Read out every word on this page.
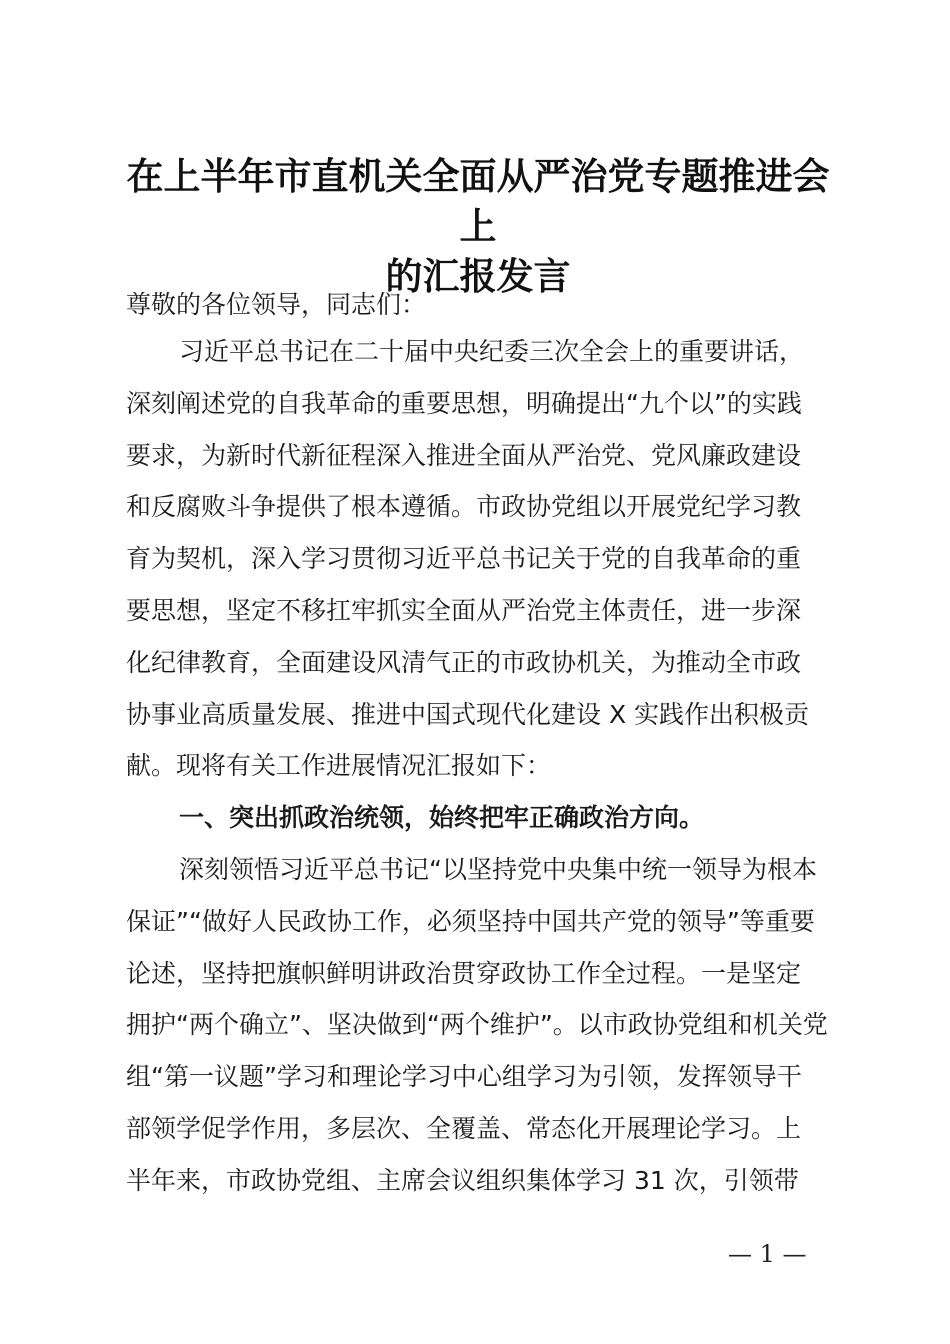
在上半年市直机关全面从严治党专题推进会上
的汇报发言
尊敬的各位领导，同志们：
习近平总书记在二十届中央纪委三次全会上的重要讲话，
深刻阐述党的自我革命的重要思想，明确提出“九个以”的实践
要求，为新时代新征程深入推进全面从严治党、党风廉政建设
和反腐败斗争提供了根本遵循。市政协党组以开展党纪学习教
育为契机，深入学习贯彻习近平总书记关于党的自我革命的重
要思想，坚定不移扛牢抓实全面从严治党主体责任，进一步深
化纪律教育，全面建设风清气正的市政协机关，为推动全市政
协事业高质量发展、推进中国式现代化建设 X 实践作出积极贡
献。现将有关工作进展情况汇报如下：
一、突出抓政治统领，始终把牢正确政治方向。
深刻领悟习近平总书记“以坚持党中央集中统一领导为根本
保证”“做好人民政协工作，必须坚持中国共产党的领导”等重要
论述，坚持把旗帜鲜明讲政治贯穿政协工作全过程。一是坚定
拥护“两个确立”、坚决做到“两个维护”。以市政协党组和机关党
组“第一议题”学习和理论学习中心组学习为引领，发挥领导干
部领学促学作用，多层次、全覆盖、常态化开展理论学习。上
半年来，市政协党组、主席会议组织集体学习 31 次，引领带
— 1 —
